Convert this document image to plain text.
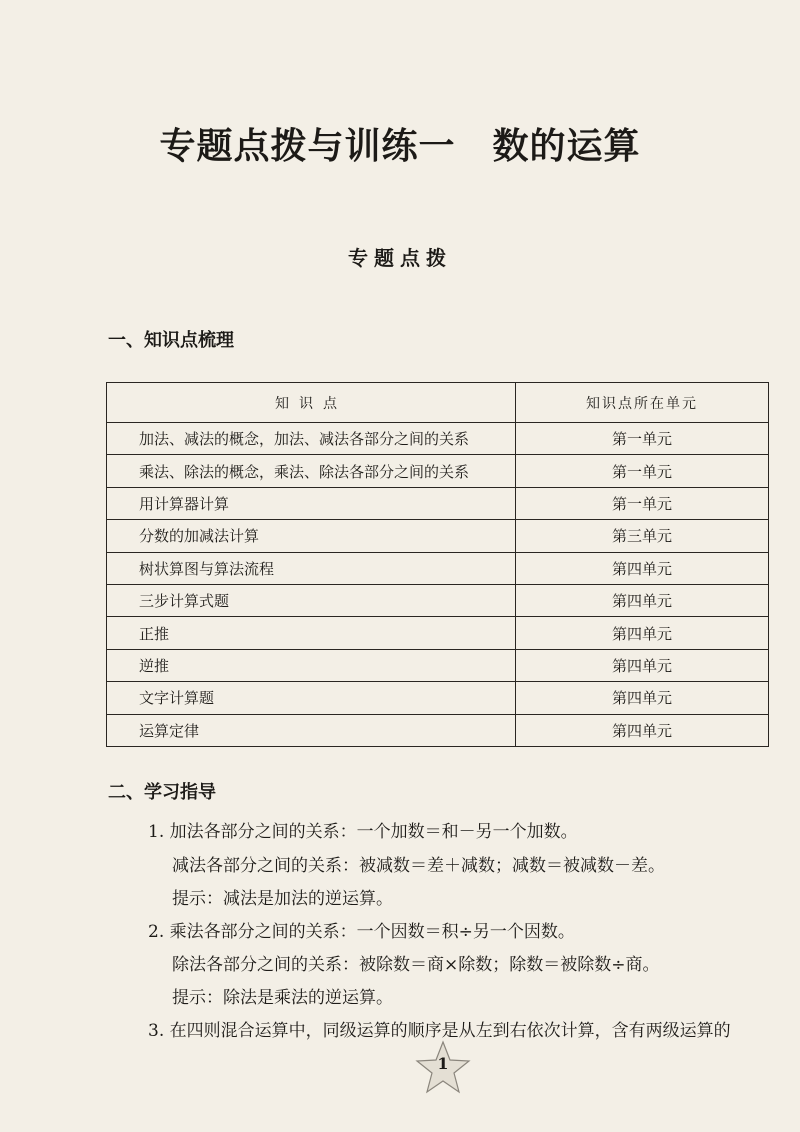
专题点拨与训练一　数的运算
专题点拨
一、知识点梳理
知识点	知识点所在单元
加法、减法的概念，加法、减法各部分之间的关系	第一单元
乘法、除法的概念，乘法、除法各部分之间的关系	第一单元
用计算器计算	第一单元
分数的加减法计算	第三单元
树状算图与算法流程	第四单元
三步计算式题	第四单元
正推	第四单元
逆推	第四单元
文字计算题	第四单元
运算定律	第四单元
二、学习指导
1. 加法各部分之间的关系：一个加数＝和－另一个加数。
减法各部分之间的关系：被减数＝差＋减数；减数＝被减数－差。
提示：减法是加法的逆运算。
2. 乘法各部分之间的关系：一个因数＝积÷另一个因数。
除法各部分之间的关系：被除数＝商×除数；除数＝被除数÷商。
提示：除法是乘法的逆运算。
3. 在四则混合运算中，同级运算的顺序是从左到右依次计算，含有两级运算的
1
